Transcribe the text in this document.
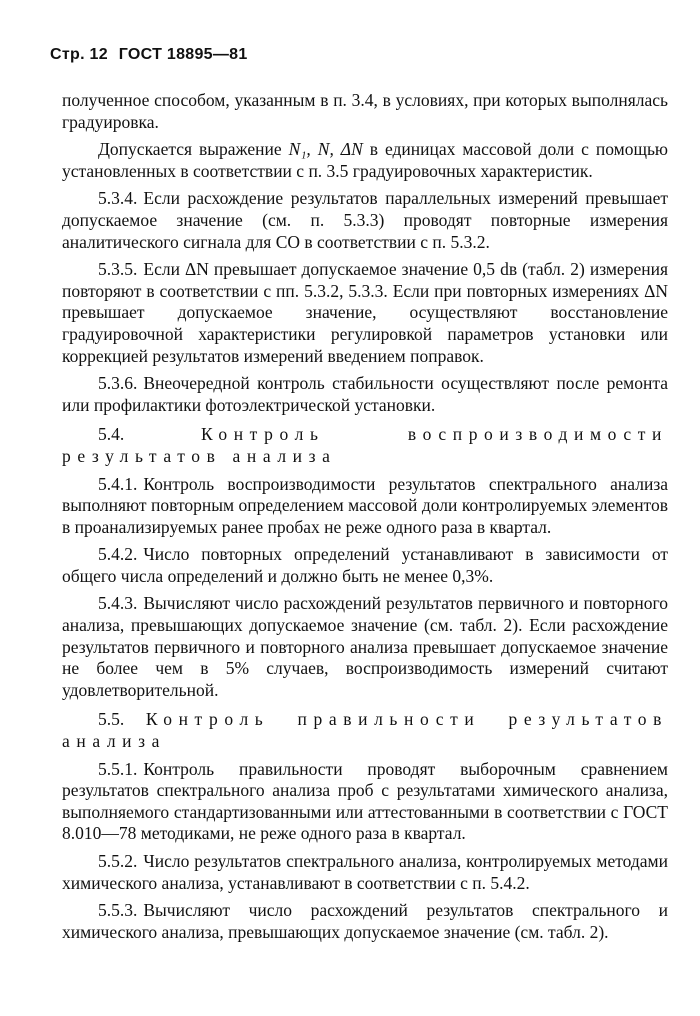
Стр. 12 ГОСТ 18895—81

полученное способом, указанным в п. 3.4, в условиях, при которых выполнялась градуировка.

Допускается выражение N₁, N, ΔN в единицах массовой доли с помощью установленных в соответствии с п. 3.5 градуировочных характеристик.

5.3.4. Если расхождение результатов параллельных измерений превышает допускаемое значение (см. п. 5.3.3) проводят повторные измерения аналитического сигнала для СО в соответствии с п. 5.3.2.

5.3.5. Если ΔN превышает допускаемое значение 0,5 dв (табл. 2) измерения повторяют в соответствии с пп. 5.3.2, 5.3.3. Если при повторных измерениях ΔN превышает допускаемое значение, осуществляют восстановление градуировочной характеристики регулировкой параметров установки или коррекцией результатов измерений введением поправок.

5.3.6. Внеочередной контроль стабильности осуществляют после ремонта или профилактики фотоэлектрической установки.

5.4.	Контроль воспроизводимости результатов анализа

5.4.1. Контроль воспроизводимости результатов спектрального анализа выполняют повторным определением массовой доли контролируемых элементов в проанализируемых ранее пробах не реже одного раза в квартал.

5.4.2. Число повторных определений устанавливают в зависимости от общего числа определений и должно быть не менее 0,3%.

5.4.3. Вычисляют число расхождений результатов первичного и повторного анализа, превышающих допускаемое значение (см. табл. 2). Если расхождение результатов первичного и повторного анализа превышает допускаемое значение не более чем в 5% случаев, воспроизводимость измерений считают удовлетворительной.

5.5. Контроль правильности результатов анализа

5.5.1. Контроль правильности проводят выборочным сравнением результатов спектрального анализа проб с результатами химического анализа, выполняемого стандартизованными или аттестованными в соответствии с ГОСТ 8.010—78 методиками, не реже одного раза в квартал.

5.5.2. Число результатов спектрального анализа, контролируемых методами химического анализа, устанавливают в соответствии с п. 5.4.2.

5.5.3. Вычисляют число расхождений результатов спектрального и химического анализа, превышающих допускаемое значение (см. табл. 2).
